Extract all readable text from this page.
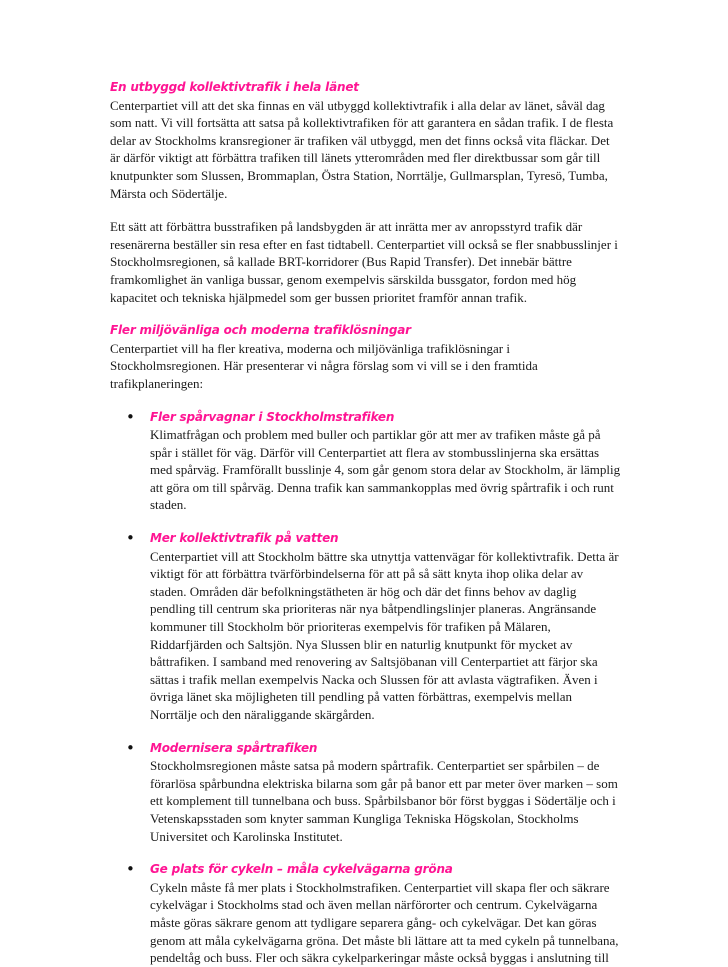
En utbyggd kollektivtrafik i hela länet

Centerpartiet vill att det ska finnas en väl utbyggd kollektivtrafik i alla delar av länet, såväl dag som natt. Vi vill fortsätta att satsa på kollektivtrafiken för att garantera en sådan trafik. I de flesta delar av Stockholms kransregioner är trafiken väl utbyggd, men det finns också vita fläckar. Det är därför viktigt att förbättra trafiken till länets ytterområden med fler direktbussar som går till knutpunkter som Slussen, Brommaplan, Östra Station, Norrtälje, Gullmarsplan, Tyresö, Tumba, Märsta och Södertälje.

Ett sätt att förbättra busstrafiken på landsbygden är att inrätta mer av anropsstyrd trafik där resenärerna beställer sin resa efter en fast tidtabell. Centerpartiet vill också se fler snabbusslinjer i Stockholmsregionen, så kallade BRT-korridorer (Bus Rapid Transfer). Det innebär bättre framkomlighet än vanliga bussar, genom exempelvis särskilda bussgator, fordon med hög kapacitet och tekniska hjälpmedel som ger bussen prioritet framför annan trafik.

Fler miljövänliga och moderna trafiklösningar

Centerpartiet vill ha fler kreativa, moderna och miljövänliga trafiklösningar i Stockholmsregionen. Här presenterar vi några förslag som vi vill se i den framtida trafikplaneringen:

• Fler spårvagnar i Stockholmstrafiken
Klimatfrågan och problem med buller och partiklar gör att mer av trafiken måste gå på spår i stället för väg. Därför vill Centerpartiet att flera av stombusslinjerna ska ersättas med spårväg. Framförallt busslinje 4, som går genom stora delar av Stockholm, är lämplig att göra om till spårväg. Denna trafik kan sammankopplas med övrig spårtrafik i och runt staden.
• Mer kollektivtrafik på vatten
Centerpartiet vill att Stockholm bättre ska utnyttja vattenvägar för kollektivtrafik. Detta är viktigt för att förbättra tvärförbindelserna för att på så sätt knyta ihop olika delar av staden. Områden där befolkningstätheten är hög och där det finns behov av daglig pendling till centrum ska prioriteras när nya båtpendlingslinjer planeras. Angränsande kommuner till Stockholm bör prioriteras exempelvis för trafiken på Mälaren, Riddarfjärden och Saltsjön. Nya Slussen blir en naturlig knutpunkt för mycket av båttrafiken. I samband med renovering av Saltsjöbanan vill Centerpartiet att färjor ska sättas i trafik mellan exempelvis Nacka och Slussen för att avlasta vägtrafiken. Även i övriga länet ska möjligheten till pendling på vatten förbättras, exempelvis mellan Norrtälje och den näraliggande skärgården.
• Modernisera spårtrafiken
Stockholmsregionen måste satsa på modern spårtrafik. Centerpartiet ser spårbilen – de förarlösa spårbundna elektriska bilarna som går på banor ett par meter över marken – som ett komplement till tunnelbana och buss. Spårbilsbanor bör först byggas i Södertälje och i Vetenskapsstaden som knyter samman Kungliga Tekniska Högskolan, Stockholms Universitet och Karolinska Institutet.
• Ge plats för cykeln – måla cykelvägarna gröna
Cykeln måste få mer plats i Stockholmstrafiken. Centerpartiet vill skapa fler och säkrare cykelvägar i Stockholms stad och även mellan närförorter och centrum. Cykelvägarna måste göras säkrare genom att tydligare separera gång- och cykelvägar. Det kan göras genom att måla cykelvägarna gröna. Det måste bli lättare att ta med cykeln på tunnelbana, pendeltåg och buss. Fler och säkra cykelparkeringar måste också byggas i anslutning till
